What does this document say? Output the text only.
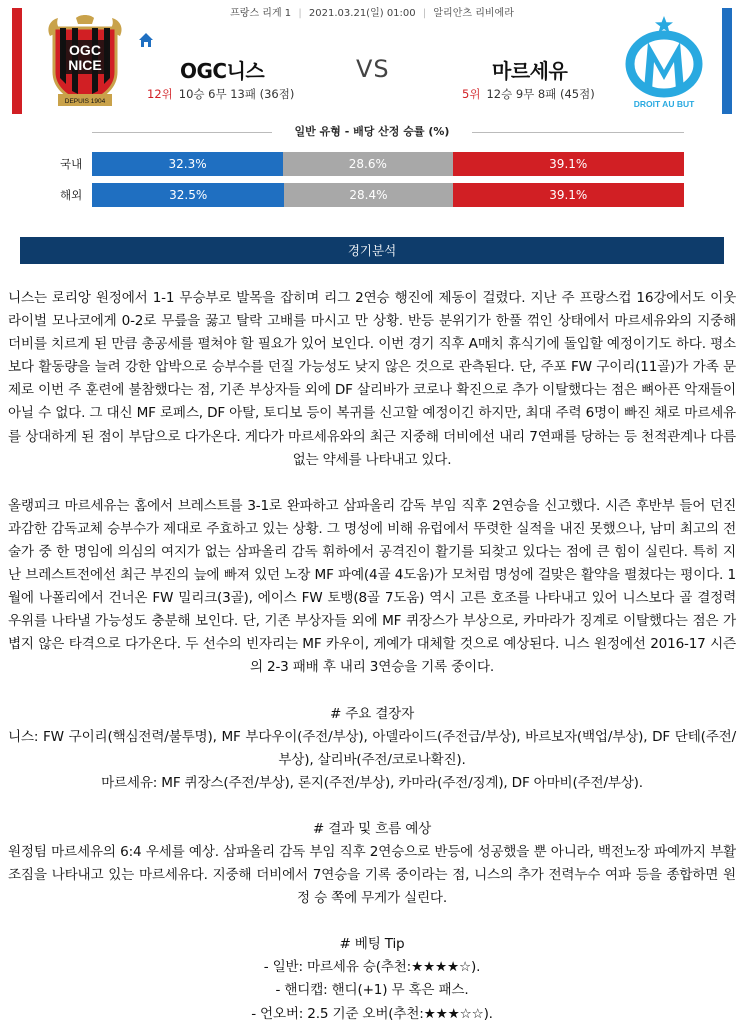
프랑스 리게 1 | 2021.03.21(일) 01:00 | 알리안츠 리비에라
OGC
NICE
DEPUIS 1904
OGC니스	VS	마르세유
12위 10승 6무 13패 (36점)	5위 12승 9무 8패 (45점)
DROIT AU BUT
일반 유형 - 배당 산정 승률 (%)
국내	32.3%	28.6%	39.1%
해외	32.5%	28.4%	39.1%
경기분석

니스는 로리앙 원정에서 1-1 무승부로 발목을 잡히며 리그 2연승 행진에 제동이 걸렸다. 지난 주 프랑스컵 16강에서도 이웃 라이벌 모나코에게 0-2로 무릎을 꿇고 탈락 고배를 마시고 만 상황. 반등 분위기가 한풀 꺾인 상태에서 마르세유와의 지중해 더비를 치르게 된 만큼 총공세를 펼쳐야 할 필요가 있어 보인다. 이번 경기 직후 A매치 휴식기에 돌입할 예정이기도 하다. 평소보다 활동량을 늘려 강한 압박으로 승부수를 던질 가능성도 낮지 않은 것으로 관측된다. 단, 주포 FW 구이리(11골)가 가족 문제로 이번 주 훈련에 불참했다는 점, 기존 부상자들 외에 DF 살리바가 코로나 확진으로 추가 이탈했다는 점은 뼈아픈 악재들이 아닐 수 없다. 그 대신 MF 로페스, DF 아탈, 토디보 등이 복귀를 신고할 예정이긴 하지만, 최대 주력 6명이 빠진 채로 마르세유를 상대하게 된 점이 부담으로 다가온다. 게다가 마르세유와의 최근 지중해 더비에선 내리 7연패를 당하는 등 천적관계나 다름없는 약세를 나타내고 있다.

올랭피크 마르세유는 홈에서 브레스트를 3-1로 완파하고 삼파올리 감독 부임 직후 2연승을 신고했다. 시즌 후반부 들어 던진 과감한 감독교체 승부수가 제대로 주효하고 있는 상황. 그 명성에 비해 유럽에서 뚜렷한 실적을 내진 못했으나, 남미 최고의 전술가 중 한 명임에 의심의 여지가 없는 삼파올리 감독 휘하에서 공격진이 활기를 되찾고 있다는 점에 큰 힘이 실린다. 특히 지난 브레스트전에선 최근 부진의 늪에 빠져 있던 노장 MF 파예(4골 4도움)가 모처럼 명성에 걸맞은 활약을 펼쳤다는 평이다. 1월에 나폴리에서 건너온 FW 밀리크(3골), 에이스 FW 토뱅(8골 7도움) 역시 고른 호조를 나타내고 있어 니스보다 골 결정력 우위를 나타낼 가능성도 충분해 보인다. 단, 기존 부상자들 외에 MF 퀴장스가 부상으로, 카마라가 징계로 이탈했다는 점은 가볍지 않은 타격으로 다가온다. 두 선수의 빈자리는 MF 카우이, 게예가 대체할 것으로 예상된다. 니스 원정에선 2016-17 시즌의 2-3 패배 후 내리 3연승을 기록 중이다.

# 주요 결장자

니스: FW 구이리(핵심전력/불투명), MF 부다우이(주전/부상), 아델라이드(주전급/부상), 바르보자(백업/부상), DF 단테(주전/부상), 살리바(주전/코로나확진).

마르세유: MF 퀴장스(주전/부상), 론지(주전/부상), 카마라(주전/징계), DF 아마비(주전/부상).
# 결과 및 흐름 예상

원정팀 마르세유의 6:4 우세를 예상. 삼파올리 감독 부임 직후 2연승으로 반등에 성공했을 뿐 아니라, 백전노장 파예까지 부활 조짐을 나타내고 있는 마르세유다. 지중해 더비에서 7연승을 기록 중이라는 점, 니스의 추가 전력누수 여파 등을 종합하면 원정 승 쪽에 무게가 실린다.

# 베팅 Tip
- 일반: 마르세유 승(추천:★★★★☆).
- 핸디캡: 핸디(+1) 무 혹은 패스.
- 언오버: 2.5 기준 오버(추천:★★★☆☆).
